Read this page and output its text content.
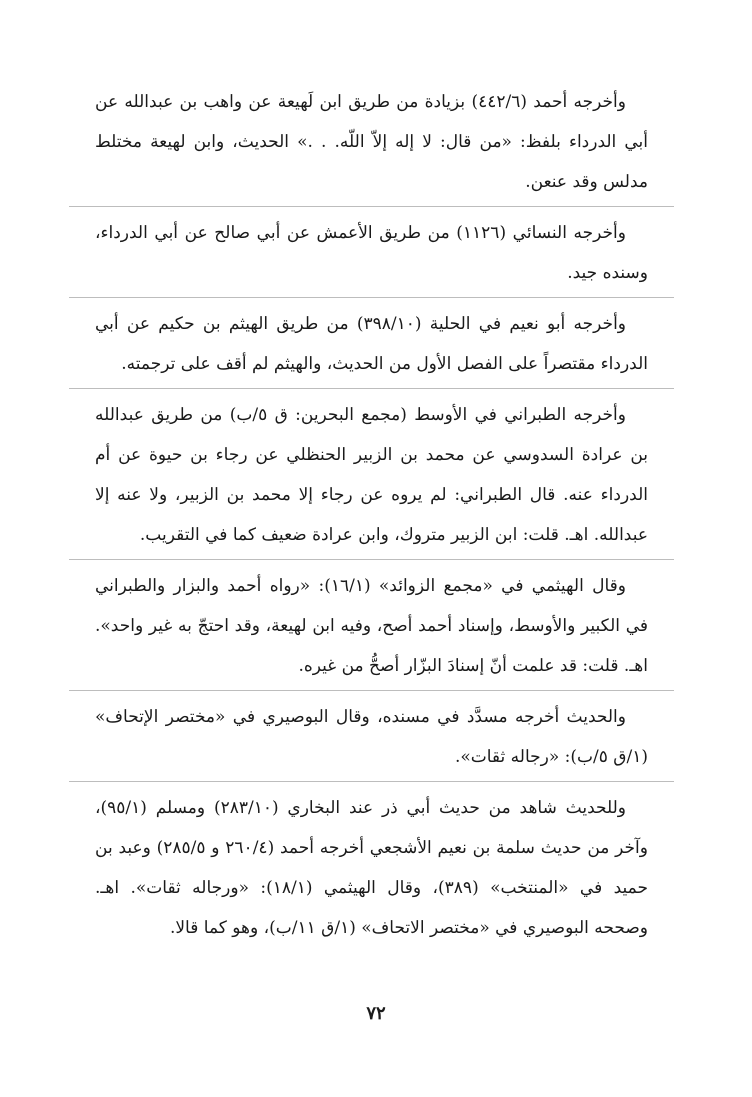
وأخرجه أحمد (٤٤٢/٦) بزيادة من طريق ابن لَهيعة عن واهب بن عبدالله عن أبي الدرداء بلفظ: «من قال: لا إله إلاّ اللّه. . .» الحديث، وابن لهيعة مختلط مدلس وقد عنعن.

وأخرجه النسائي (١١٢٦) من طريق الأعمش عن أبي صالح عن أبي الدرداء، وسنده جيد.

وأخرجه أبو نعيم في الحلية (٣٩٨/١٠) من طريق الهيثم بن حكيم عن أبي الدرداء مقتصراً على الفصل الأول من الحديث، والهيثم لم أقف على ترجمته.

وأخرجه الطبراني في الأوسط (مجمع البحرين: ق ٥/ب) من طريق عبدالله بن عرادة السدوسي عن محمد بن الزبير الحنظلي عن رجاء بن حيوة عن أم الدرداء عنه. قال الطبراني: لم يروه عن رجاء إلا محمد بن الزبير، ولا عنه إلا عبدالله. اهـ. قلت: ابن الزبير متروك، وابن عرادة ضعيف كما في التقريب.

وقال الهيثمي في «مجمع الزوائد» (١٦/١): «رواه أحمد والبزار والطبراني في الكبير والأوسط، وإسناد أحمد أصح، وفيه ابن لهيعة، وقد احتجّ به غير واحد». اهـ. قلت: قد علمت أنّ إسنادَ البزّار أصحُّ من غيره.

والحديث أخرجه مسدَّد في مسنده، وقال البوصيري في «مختصر الإتحاف» (١/ق ٥/ب): «رجاله ثقات».

وللحديث شاهد من حديث أبي ذر عند البخاري (٢٨٣/١٠) ومسلم (٩٥/١)، وآخر من حديث سلمة بن نعيم الأشجعي أخرجه أحمد (٢٦٠/٤ و ٢٨٥/٥) وعبد بن حميد في «المنتخب» (٣٨٩)، وقال الهيثمي (١٨/١): «ورجاله ثقات». اهـ. وصححه البوصيري في «مختصر الاتحاف» (١/ق ١١/ب)، وهو كما قالا.

٧٢
